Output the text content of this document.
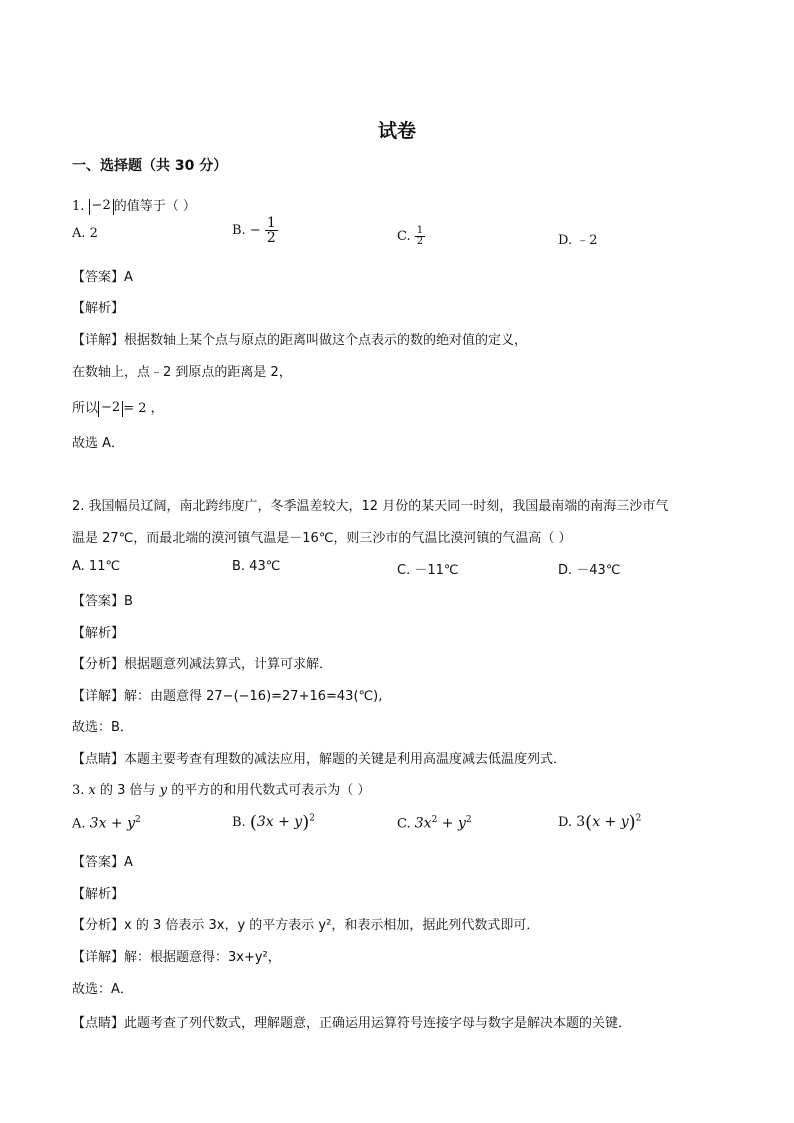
试卷
一、选择题（共 30 分）
1. −2 的值等于（ ）
A. 2	B. − $\frac{1}{2}$	C. $\frac{1}{2}$	D. ﹣2
【答案】A
【解析】
【详解】根据数轴上某个点与原点的距离叫做这个点表示的数的绝对值的定义，
在数轴上，点﹣2 到原点的距离是 2，
所以 −2 = 2 ，
故选 A．
2. 我国幅员辽阔，南北跨纬度广，冬季温差较大，12 月份的某天同一时刻，我国最南端的南海三沙市气
温是 27℃，而最北端的漠河镇气温是－16℃，则三沙市的气温比漠河镇的气温高（ ）
A. 11℃	B. 43℃	C. －11℃	D. －43℃
【答案】B
【解析】
【分析】根据题意列减法算式，计算可求解．
【详解】解：由题意得 27−(−16)=27+16=43(℃),
故选：B．
【点睛】本题主要考查有理数的减法应用，解题的关键是利用高温度减去低温度列式．
3. x 的 3 倍与 y 的平方的和用代数式可表示为（ ）
A. $3x + y^2$	B. $(3x + y)^2$	C. $3x^2 + y^2$	D. $3(x + y)^2$
【答案】A
【解析】
【分析】x 的 3 倍表示 3x，y 的平方表示 y²，和表示相加，据此列代数式即可．
【详解】解：根据题意得：3x+y²，
故选：A．
【点睛】此题考查了列代数式，理解题意，正确运用运算符号连接字母与数字是解决本题的关键．
